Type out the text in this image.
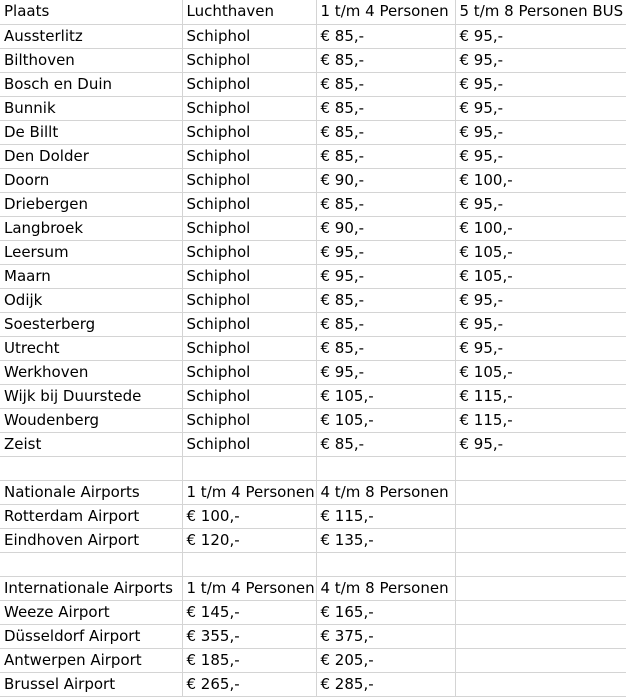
Plaats	Luchthaven	1 t/m 4 Personen	5 t/m 8 Personen BUS
Aussterlitz	Schiphol	€ 85,-	€ 95,-
Bilthoven	Schiphol	€ 85,-	€ 95,-
Bosch en Duin	Schiphol	€ 85,-	€ 95,-
Bunnik	Schiphol	€ 85,-	€ 95,-
De Billt	Schiphol	€ 85,-	€ 95,-
Den Dolder	Schiphol	€ 85,-	€ 95,-
Doorn	Schiphol	€ 90,-	€ 100,-
Driebergen	Schiphol	€ 85,-	€ 95,-
Langbroek	Schiphol	€ 90,-	€ 100,-
Leersum	Schiphol	€ 95,-	€ 105,-
Maarn	Schiphol	€ 95,-	€ 105,-
Odijk	Schiphol	€ 85,-	€ 95,-
Soesterberg	Schiphol	€ 85,-	€ 95,-
Utrecht	Schiphol	€ 85,-	€ 95,-
Werkhoven	Schiphol	€ 95,-	€ 105,-
Wijk bij Duurstede	Schiphol	€ 105,-	€ 115,-
Woudenberg	Schiphol	€ 105,-	€ 115,-
Zeist	Schiphol	€ 85,-	€ 95,-

Nationale Airports	1 t/m 4 Personen	4 t/m 8 Personen	
Rotterdam Airport	€ 100,-	€ 115,-	
Eindhoven Airport	€ 120,-	€ 135,-	

Internationale Airports	1 t/m 4 Personen	4 t/m 8 Personen	
Weeze Airport	€ 145,-	€ 165,-	
Düsseldorf Airport	€ 355,-	€ 375,-	
Antwerpen Airport	€ 185,-	€ 205,-	
Brussel Airport	€ 265,-	€ 285,-	
